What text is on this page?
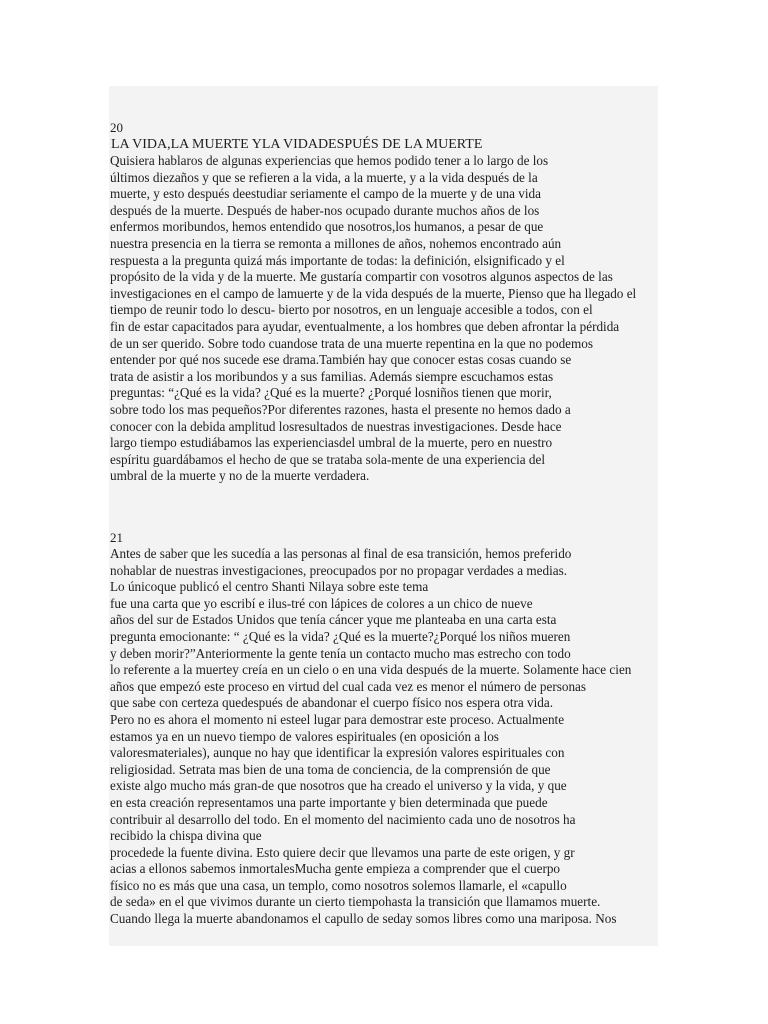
20

LA VIDA,LA MUERTE YLA VIDADESPUÉS DE LA MUERTE

Quisiera hablaros de algunas experiencias que hemos podido tener a lo largo de los

últimos diezaños y que se refieren a la vida, a la muerte, y a la vida después de la

muerte, y esto después deestudiar seriamente el campo de la muerte y de una vida

después de la muerte. Después de haber-nos ocupado durante muchos años de los

enfermos moribundos, hemos entendido que nosotros,los humanos, a pesar de que

nuestra presencia en la tierra se remonta a millones de años, nohemos encontrado aún

respuesta a la pregunta quizá más importante de todas: la definición, elsignificado y el

propósito de la vida y de la muerte. Me gustaría compartir con vosotros algunos aspectos de las

investigaciones en el campo de lamuerte y de la vida después de la muerte, Pienso que ha llegado el

tiempo de reunir todo lo descu- bierto por nosotros, en un lenguaje accesible a todos, con el

fin de estar capacitados para ayudar, eventualmente, a los hombres que deben afrontar la pérdida

de un ser querido. Sobre todo cuandose trata de una muerte repentina en la que no podemos

entender por qué nos sucede ese drama.También hay que conocer estas cosas cuando se

trata de asistir a los moribundos y a sus familias. Además siempre escuchamos estas

preguntas: “¿Qué es la vida? ¿Qué es la muerte? ¿Porqué losniños tienen que morir,

sobre todo los mas pequeños?Por diferentes razones, hasta el presente no hemos dado a

conocer con la debida amplitud losresultados de nuestras investigaciones. Desde hace

largo tiempo estudiábamos las experienciasdel umbral de la muerte, pero en nuestro

espíritu guardábamos el hecho de que se trataba sola-mente de una experiencia del

umbral de la muerte y no de la muerte verdadera.

21

Antes de saber que les sucedía a las personas al final de esa transición, hemos preferido

nohablar de nuestras investigaciones, preocupados por no propagar verdades a medias.

Lo únicoque publicó el centro Shanti Nilaya sobre este tema

fue una carta que yo escribí e ilus-tré con lápices de colores a un chico de nueve

años del sur de Estados Unidos que tenía cáncer yque me planteaba en una carta esta

pregunta emocionante: “ ¿Qué es la vida? ¿Qué es la muerte?¿Porqué los niños mueren

y deben morir?”Anteriormente la gente tenía un contacto mucho mas estrecho con todo

lo referente a la muertey creía en un cielo o en una vida después de la muerte. Solamente hace cien

años que empezó este proceso en virtud del cual cada vez es menor el número de personas

que sabe con certeza quedespués de abandonar el cuerpo físico nos espera otra vida.

Pero no es ahora el momento ni esteel lugar para demostrar este proceso. Actualmente

estamos ya en un nuevo tiempo de valores espirituales (en oposición a los

valoresmateriales), aunque no hay que identificar la expresión valores espirituales con

religiosidad. Setrata mas bien de una toma de conciencia, de la comprensión de que

existe algo mucho más gran-de que nosotros que ha creado el universo y la vida, y que

en esta creación representamos una parte importante y bien determinada que puede

contribuir al desarrollo del todo. En el momento del nacimiento cada uno de nosotros ha

recibido la chispa divina que

procedede la fuente divina. Esto quiere decir que llevamos una parte de este origen, y gr

acias a ellonos sabemos inmortalesMucha gente empieza a comprender que el cuerpo

físico no es más que una casa, un templo, como nosotros solemos llamarle, el «capullo

de seda» en el que vivimos durante un cierto tiempohasta la transición que llamamos muerte.

Cuando llega la muerte abandonamos el capullo de seday somos libres como una mariposa. Nos
